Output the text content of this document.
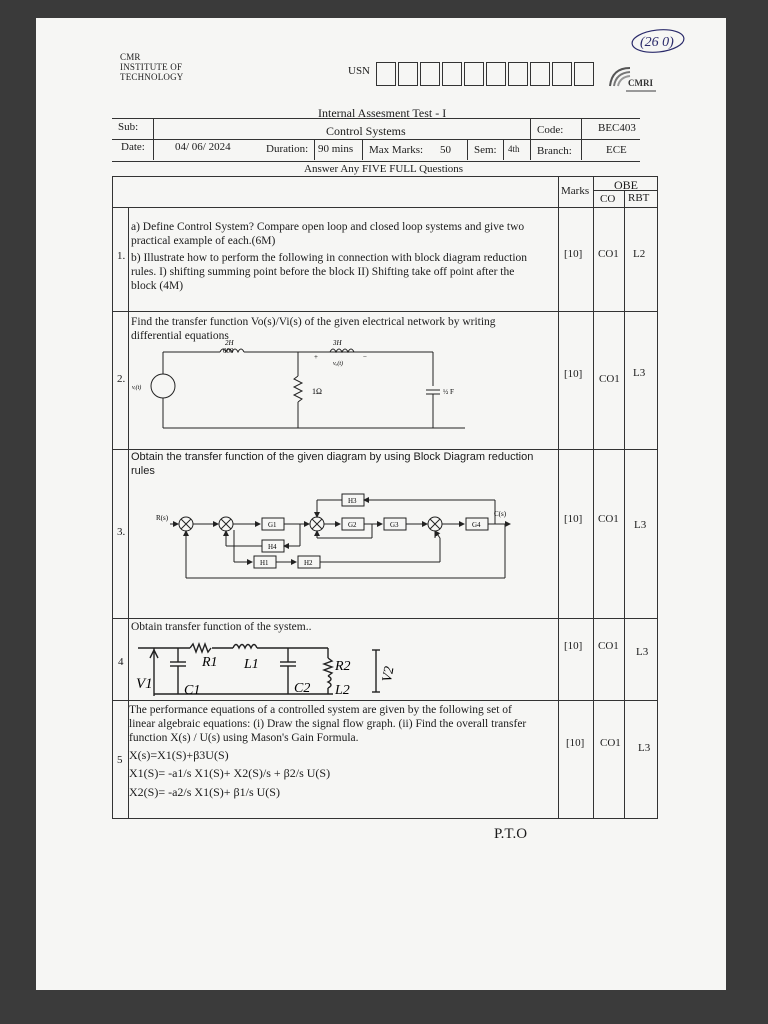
CMR
INSTITUTE OF
TECHNOLOGY	USN
(26 0)
CMRI
Internal Assesment Test - I
Sub:	Control Systems	Code:	BEC403
Date:	04/ 06/ 2024	Duration: 90 mins Max Marks: 50 Sem: 4th Branch:	ECE
Answer Any FIVE FULL Questions
Marks OBE
CO RBT
1.
a) Define Control System? Compare open loop and closed loop systems and give two
practical example of each.(6M)
b) Illustrate how to perform the following in connection with block diagram reduction
rules. I) shifting summing point before the block II) Shifting take off point after the
block (4M)
[10] CO1 L2
2.
Find the transfer function Vo(s)/Vi(s) of the given electrical network by writing
differential equations
[10] CO1 L3
2H
000
3H
+	−
vₒ(t)
vᵢ(t)	1Ω	½ F
3.
Obtain the transfer function of the given diagram by using Block Diagram reduction
rules
[10] CO1 L3
R(s)	C(s)
G1	G2	G3	G4
H3
H4
H1	H2
4
Obtain transfer function of the system..
[10] CO1 L3
V1 C1
R1 L1
C2
R2
L2
V2
5
The performance equations of a controlled system are given by the following set of
linear algebraic equations: (i) Draw the signal flow graph. (ii) Find the overall transfer
function X(s) / U(s) using Mason's Gain Formula.
X(s)=X1(S)+β3U(S)
X1(S)= -a1/s X1(S)+ X2(S)/s + β2/s U(S)
X2(S)= -a2/s X1(S)+ β1/s U(S)
[10] CO1 L3
P.T.O
